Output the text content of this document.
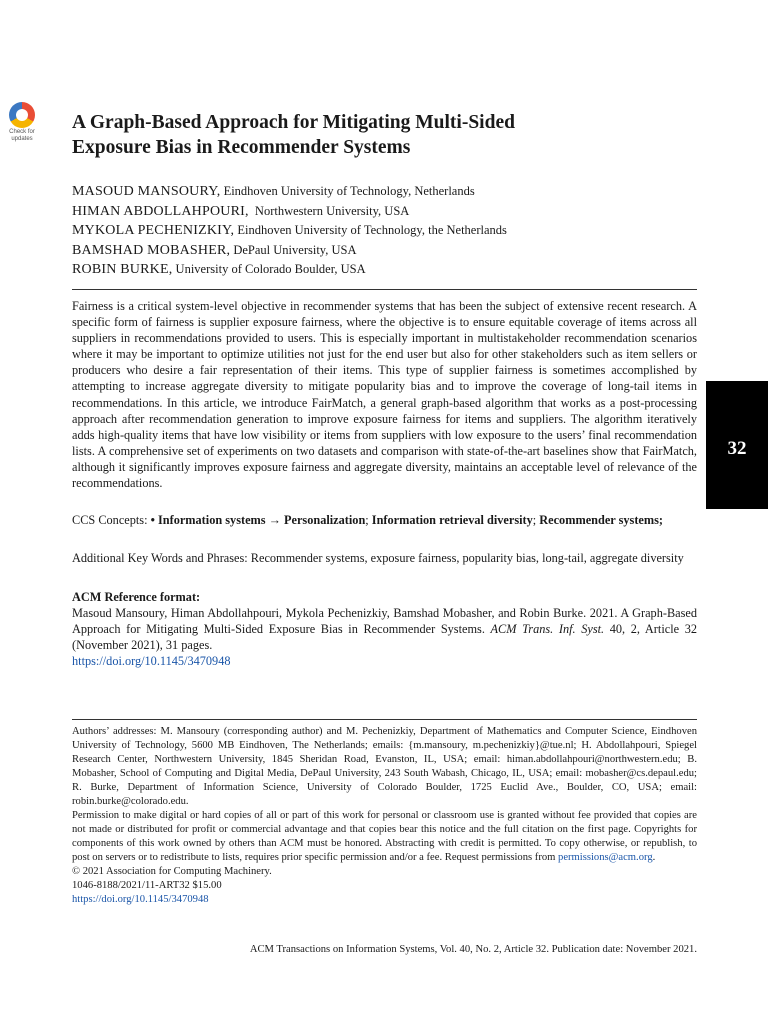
Check for
updates
A Graph-Based Approach for Mitigating Multi-Sided
Exposure Bias in Recommender Systems
MASOUD MANSOURY, Eindhoven University of Technology, Netherlands
HIMAN ABDOLLAHPOURI,  Northwestern University, USA
MYKOLA PECHENIZKIY, Eindhoven University of Technology, the Netherlands
BAMSHAD MOBASHER, DePaul University, USA
ROBIN BURKE, University of Colorado Boulder, USA

Fairness is a critical system-level objective in recommender systems that has been the subject of extensive recent research. A specific form of fairness is supplier exposure fairness, where the objective is to ensure equitable coverage of items across all suppliers in recommendations provided to users. This is especially important in multistakeholder recommendation scenarios where it may be important to optimize utilities not just for the end user but also for other stakeholders such as item sellers or producers who desire a fair representation of their items. This type of supplier fairness is sometimes accomplished by attempting to increase aggregate diversity to mitigate popularity bias and to improve the coverage of long-tail items in recommendations. In this article, we introduce FairMatch, a general graph-based algorithm that works as a post-processing approach after recommendation generation to improve exposure fairness for items and suppliers. The algorithm iteratively adds high-quality items that have low visibility or items from suppliers with low exposure to the users’ final recommendation lists. A comprehensive set of experiments on two datasets and comparison with state-of-the-art baselines show that FairMatch, although it significantly improves exposure fairness and aggregate diversity, maintains an acceptable level of relevance of the recommendations.

CCS Concepts: • Information systems → Personalization; Information retrieval diversity; Recommender systems;

Additional Key Words and Phrases: Recommender systems, exposure fairness, popularity bias, long-tail, aggregate diversity

ACM Reference format:
Masoud Mansoury, Himan Abdollahpouri, Mykola Pechenizkiy, Bamshad Mobasher, and Robin Burke. 2021. A Graph-Based Approach for Mitigating Multi-Sided Exposure Bias in Recommender Systems. ACM Trans. Inf. Syst. 40, 2, Article 32 (November 2021), 31 pages.
https://doi.org/10.1145/3470948

Authors’ addresses: M. Mansoury (corresponding author) and M. Pechenizkiy, Department of Mathematics and Computer Science, Eindhoven University of Technology, 5600 MB Eindhoven, The Netherlands; emails: {m.mansoury, m.pechenizkiy}@tue.nl; H. Abdollahpouri, Spiegel Research Center, Northwestern University, 1845 Sheridan Road, Evanston, IL, USA; email: himan.abdollahpouri@northwestern.edu; B. Mobasher, School of Computing and Digital Media, DePaul University, 243 South Wabash, Chicago, IL, USA; email: mobasher@cs.depaul.edu; R. Burke, Department of Information Science, University of Colorado Boulder, 1725 Euclid Ave., Boulder, CO, USA; email: robin.burke@colorado.edu.

Permission to make digital or hard copies of all or part of this work for personal or classroom use is granted without fee provided that copies are not made or distributed for profit or commercial advantage and that copies bear this notice and the full citation on the first page. Copyrights for components of this work owned by others than ACM must be honored. Abstracting with credit is permitted. To copy otherwise, or republish, to post on servers or to redistribute to lists, requires prior specific permission and/or a fee. Request permissions from permissions@acm.org.

© 2021 Association for Computing Machinery.

1046-8188/2021/11-ART32 $15.00

https://doi.org/10.1145/3470948

ACM Transactions on Information Systems, Vol. 40, No. 2, Article 32. Publication date: November 2021.
32
